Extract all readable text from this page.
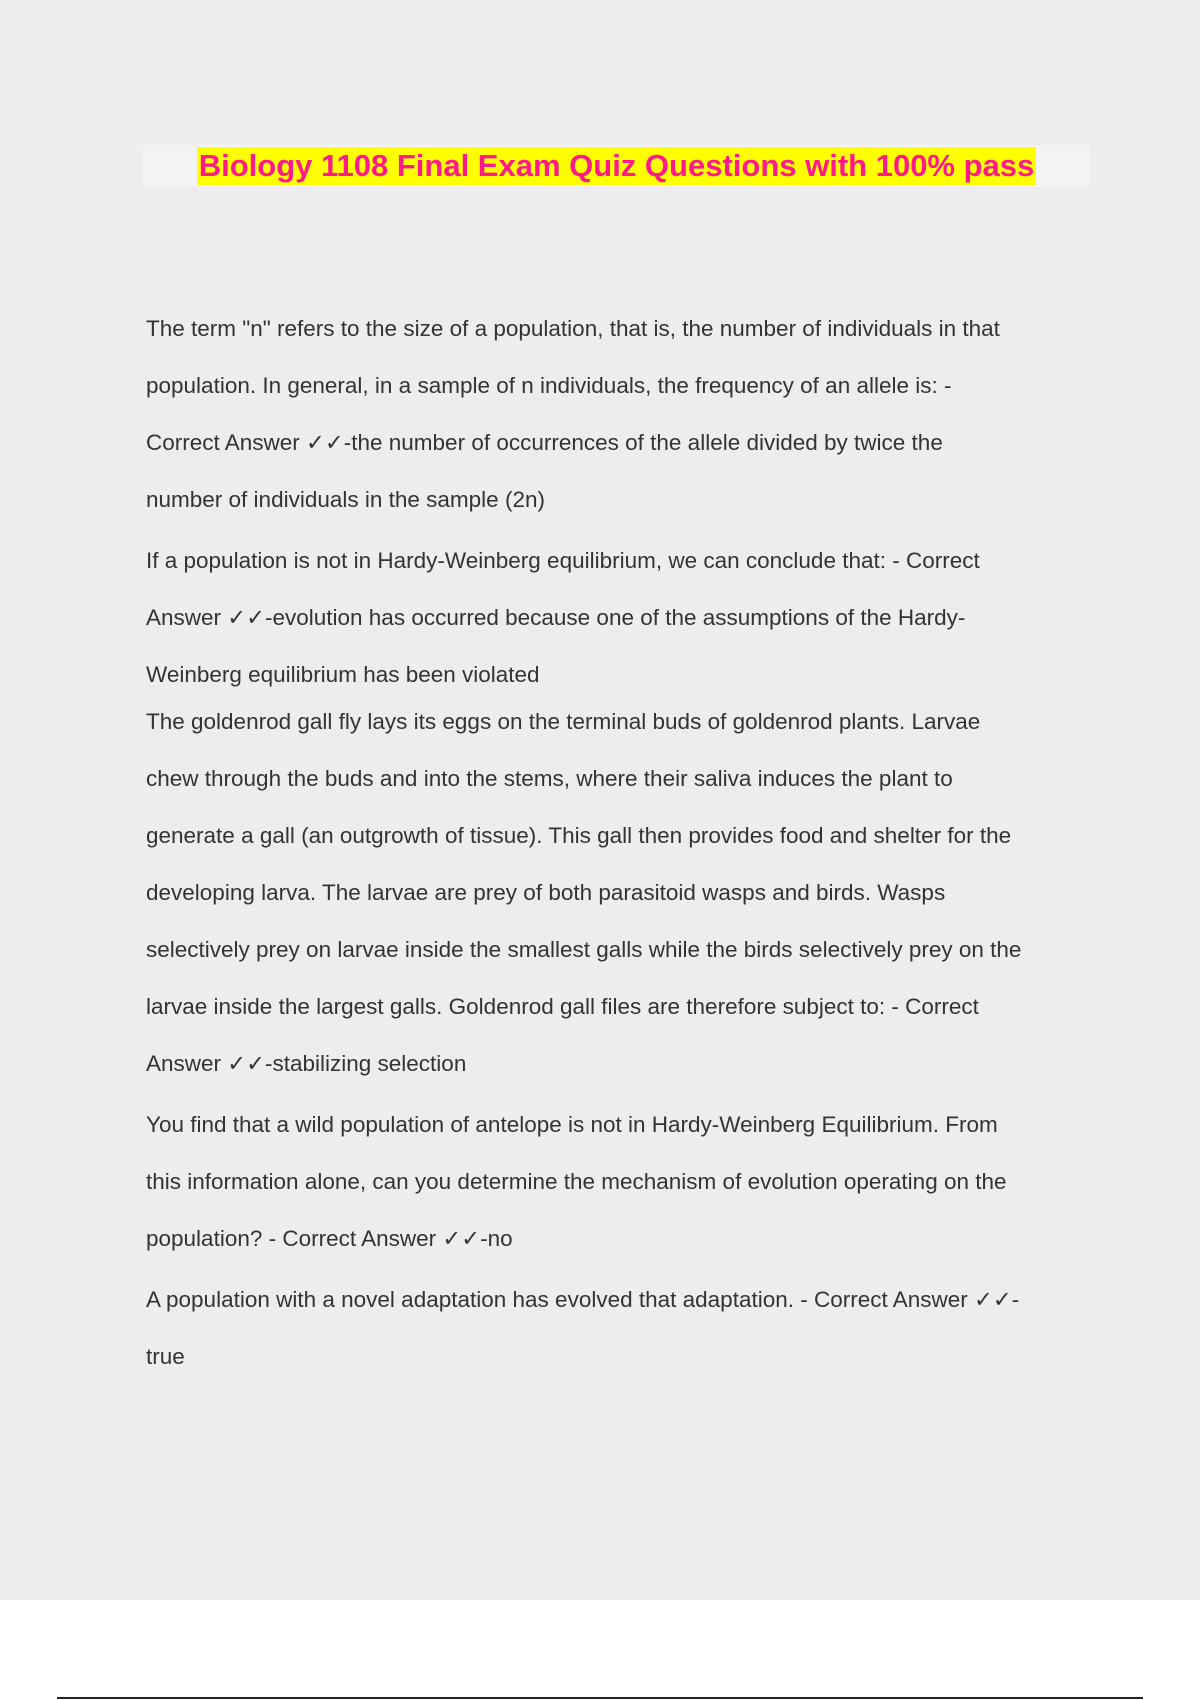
Biology 1108 Final Exam Quiz Questions with 100% pass

The term "n" refers to the size of a population, that is, the number of individuals in that

population. In general, in a sample of n individuals, the frequency of an allele is: -

Correct Answer ✓✓-the number of occurrences of the allele divided by twice the

number of individuals in the sample (2n)

If a population is not in Hardy-Weinberg equilibrium, we can conclude that: - Correct

Answer ✓✓-evolution has occurred because one of the assumptions of the Hardy-

Weinberg equilibrium has been violated

The goldenrod gall fly lays its eggs on the terminal buds of goldenrod plants. Larvae

chew through the buds and into the stems, where their saliva induces the plant to

generate a gall (an outgrowth of tissue). This gall then provides food and shelter for the

developing larva. The larvae are prey of both parasitoid wasps and birds. Wasps

selectively prey on larvae inside the smallest galls while the birds selectively prey on the

larvae inside the largest galls. Goldenrod gall files are therefore subject to: - Correct

Answer ✓✓-stabilizing selection

You find that a wild population of antelope is not in Hardy-Weinberg Equilibrium. From

this information alone, can you determine the mechanism of evolution operating on the

population? - Correct Answer ✓✓-no

A population with a novel adaptation has evolved that adaptation. - Correct Answer ✓✓-

true
